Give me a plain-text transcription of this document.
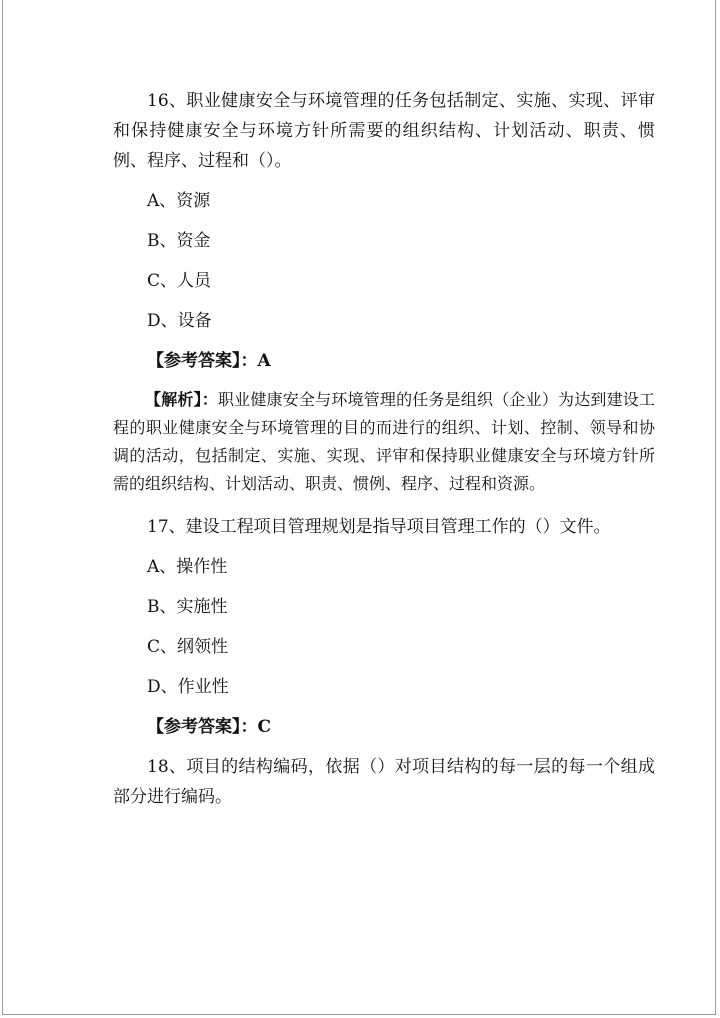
16、职业健康安全与环境管理的任务包括制定、实施、实现、评审和保持健康安全与环境方针所需要的组织结构、计划活动、职责、惯例、程序、过程和（）。

A、资源
B、资金
C、人员
D、设备
【参考答案】：A

【解析】：职业健康安全与环境管理的任务是组织（企业）为达到建设工程的职业健康安全与环境管理的目的而进行的组织、计划、控制、领导和协调的活动，包括制定、实施、实现、评审和保持职业健康安全与环境方针所需的组织结构、计划活动、职责、惯例、程序、过程和资源。

17、建设工程项目管理规划是指导项目管理工作的（）文件。

A、操作性
B、实施性
C、纲领性
D、作业性
【参考答案】：C

18、项目的结构编码，依据（）对项目结构的每一层的每一个组成部分进行编码。
